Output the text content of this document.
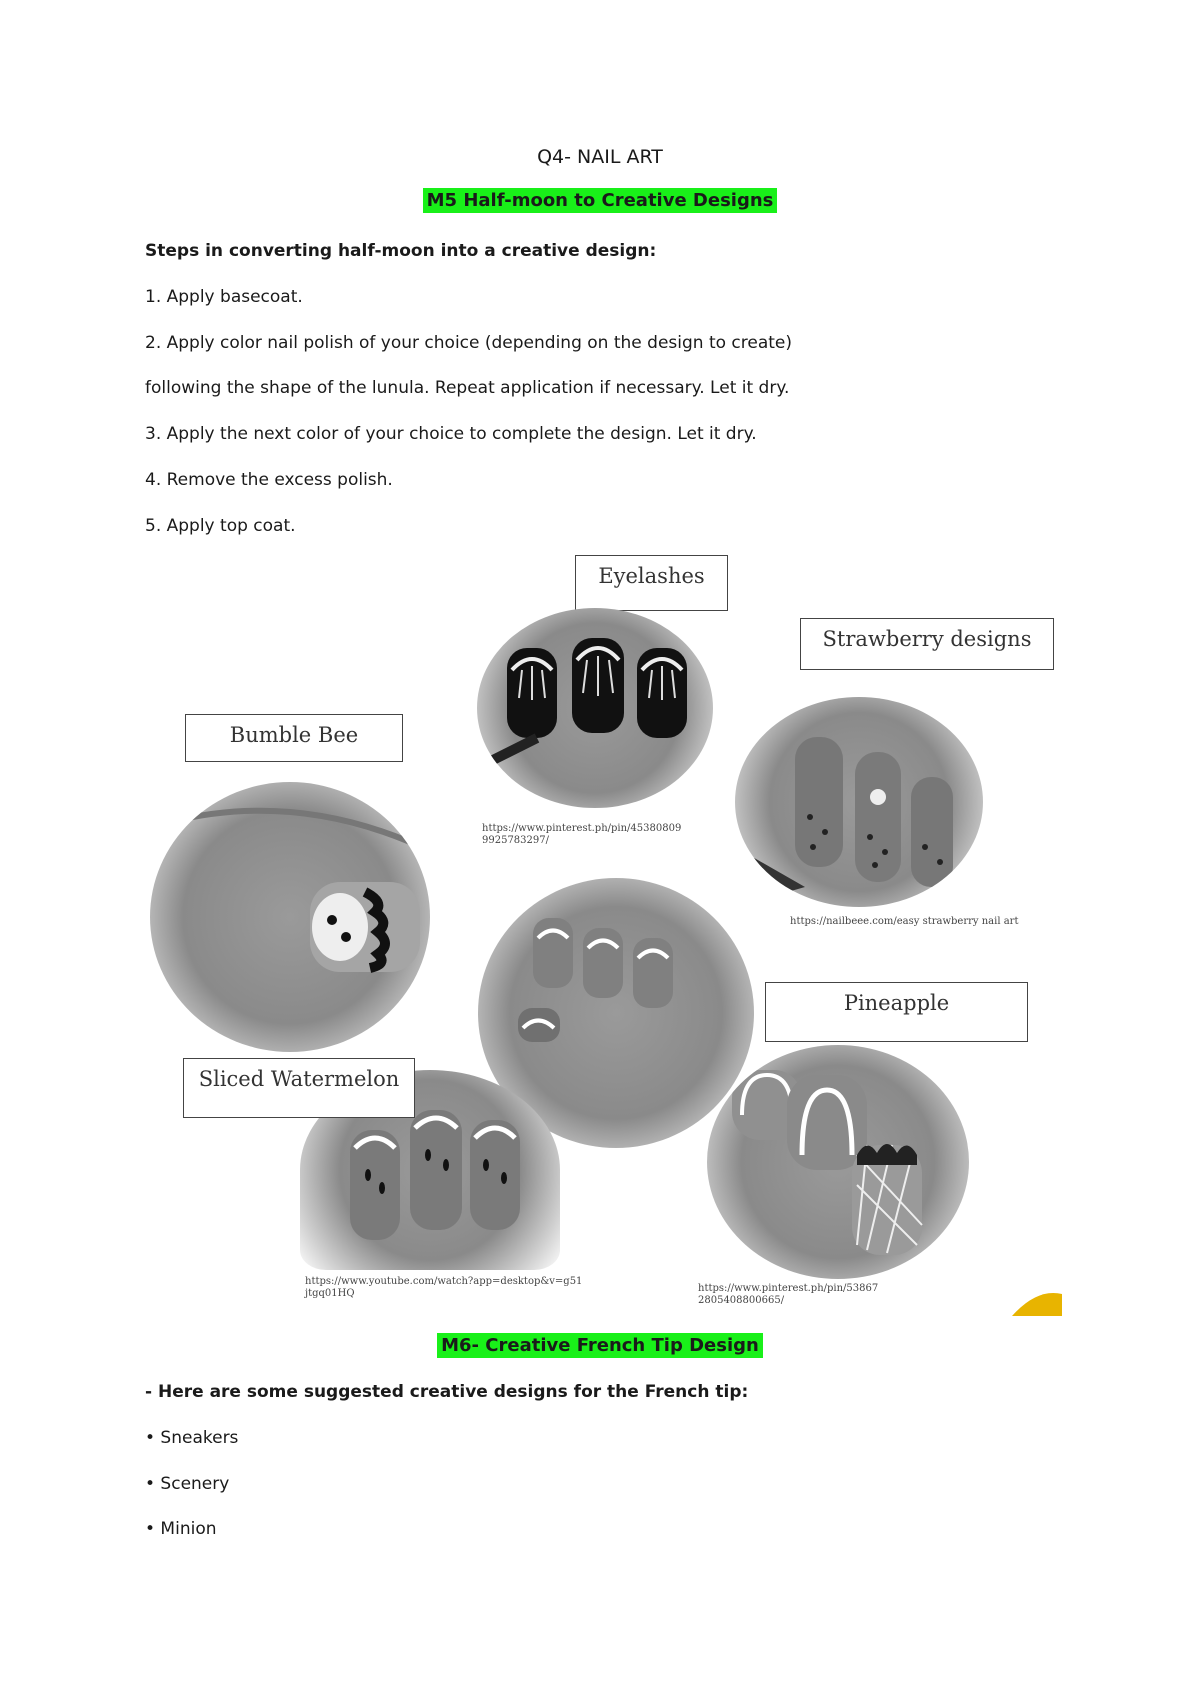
Q4- NAIL ART
M5 Half-moon to Creative Designs
Steps in converting half-moon into a creative design:
1. Apply basecoat.
2. Apply color nail polish of your choice (depending on the design to create)
following the shape of the lunula. Repeat application if necessary. Let it dry.
3. Apply the next color of your choice to complete the design. Let it dry.
4. Remove the excess polish.
5. Apply top coat.
Eyelashes
Strawberry designs
Bumble Bee
https://www.pinterest.ph/pin/45380809 9925783297/
https://nailbeee.com/easy strawberry nail art
Pineapple
Sliced Watermelon
https://www.youtube.com/watch?app=desktop&v=g51 jtgq01HQ	https://www.pinterest.ph/pin/53867 2805408800665/
M6- Creative French Tip Design
- Here are some suggested creative designs for the French tip:
• Sneakers
• Scenery
• Minion
